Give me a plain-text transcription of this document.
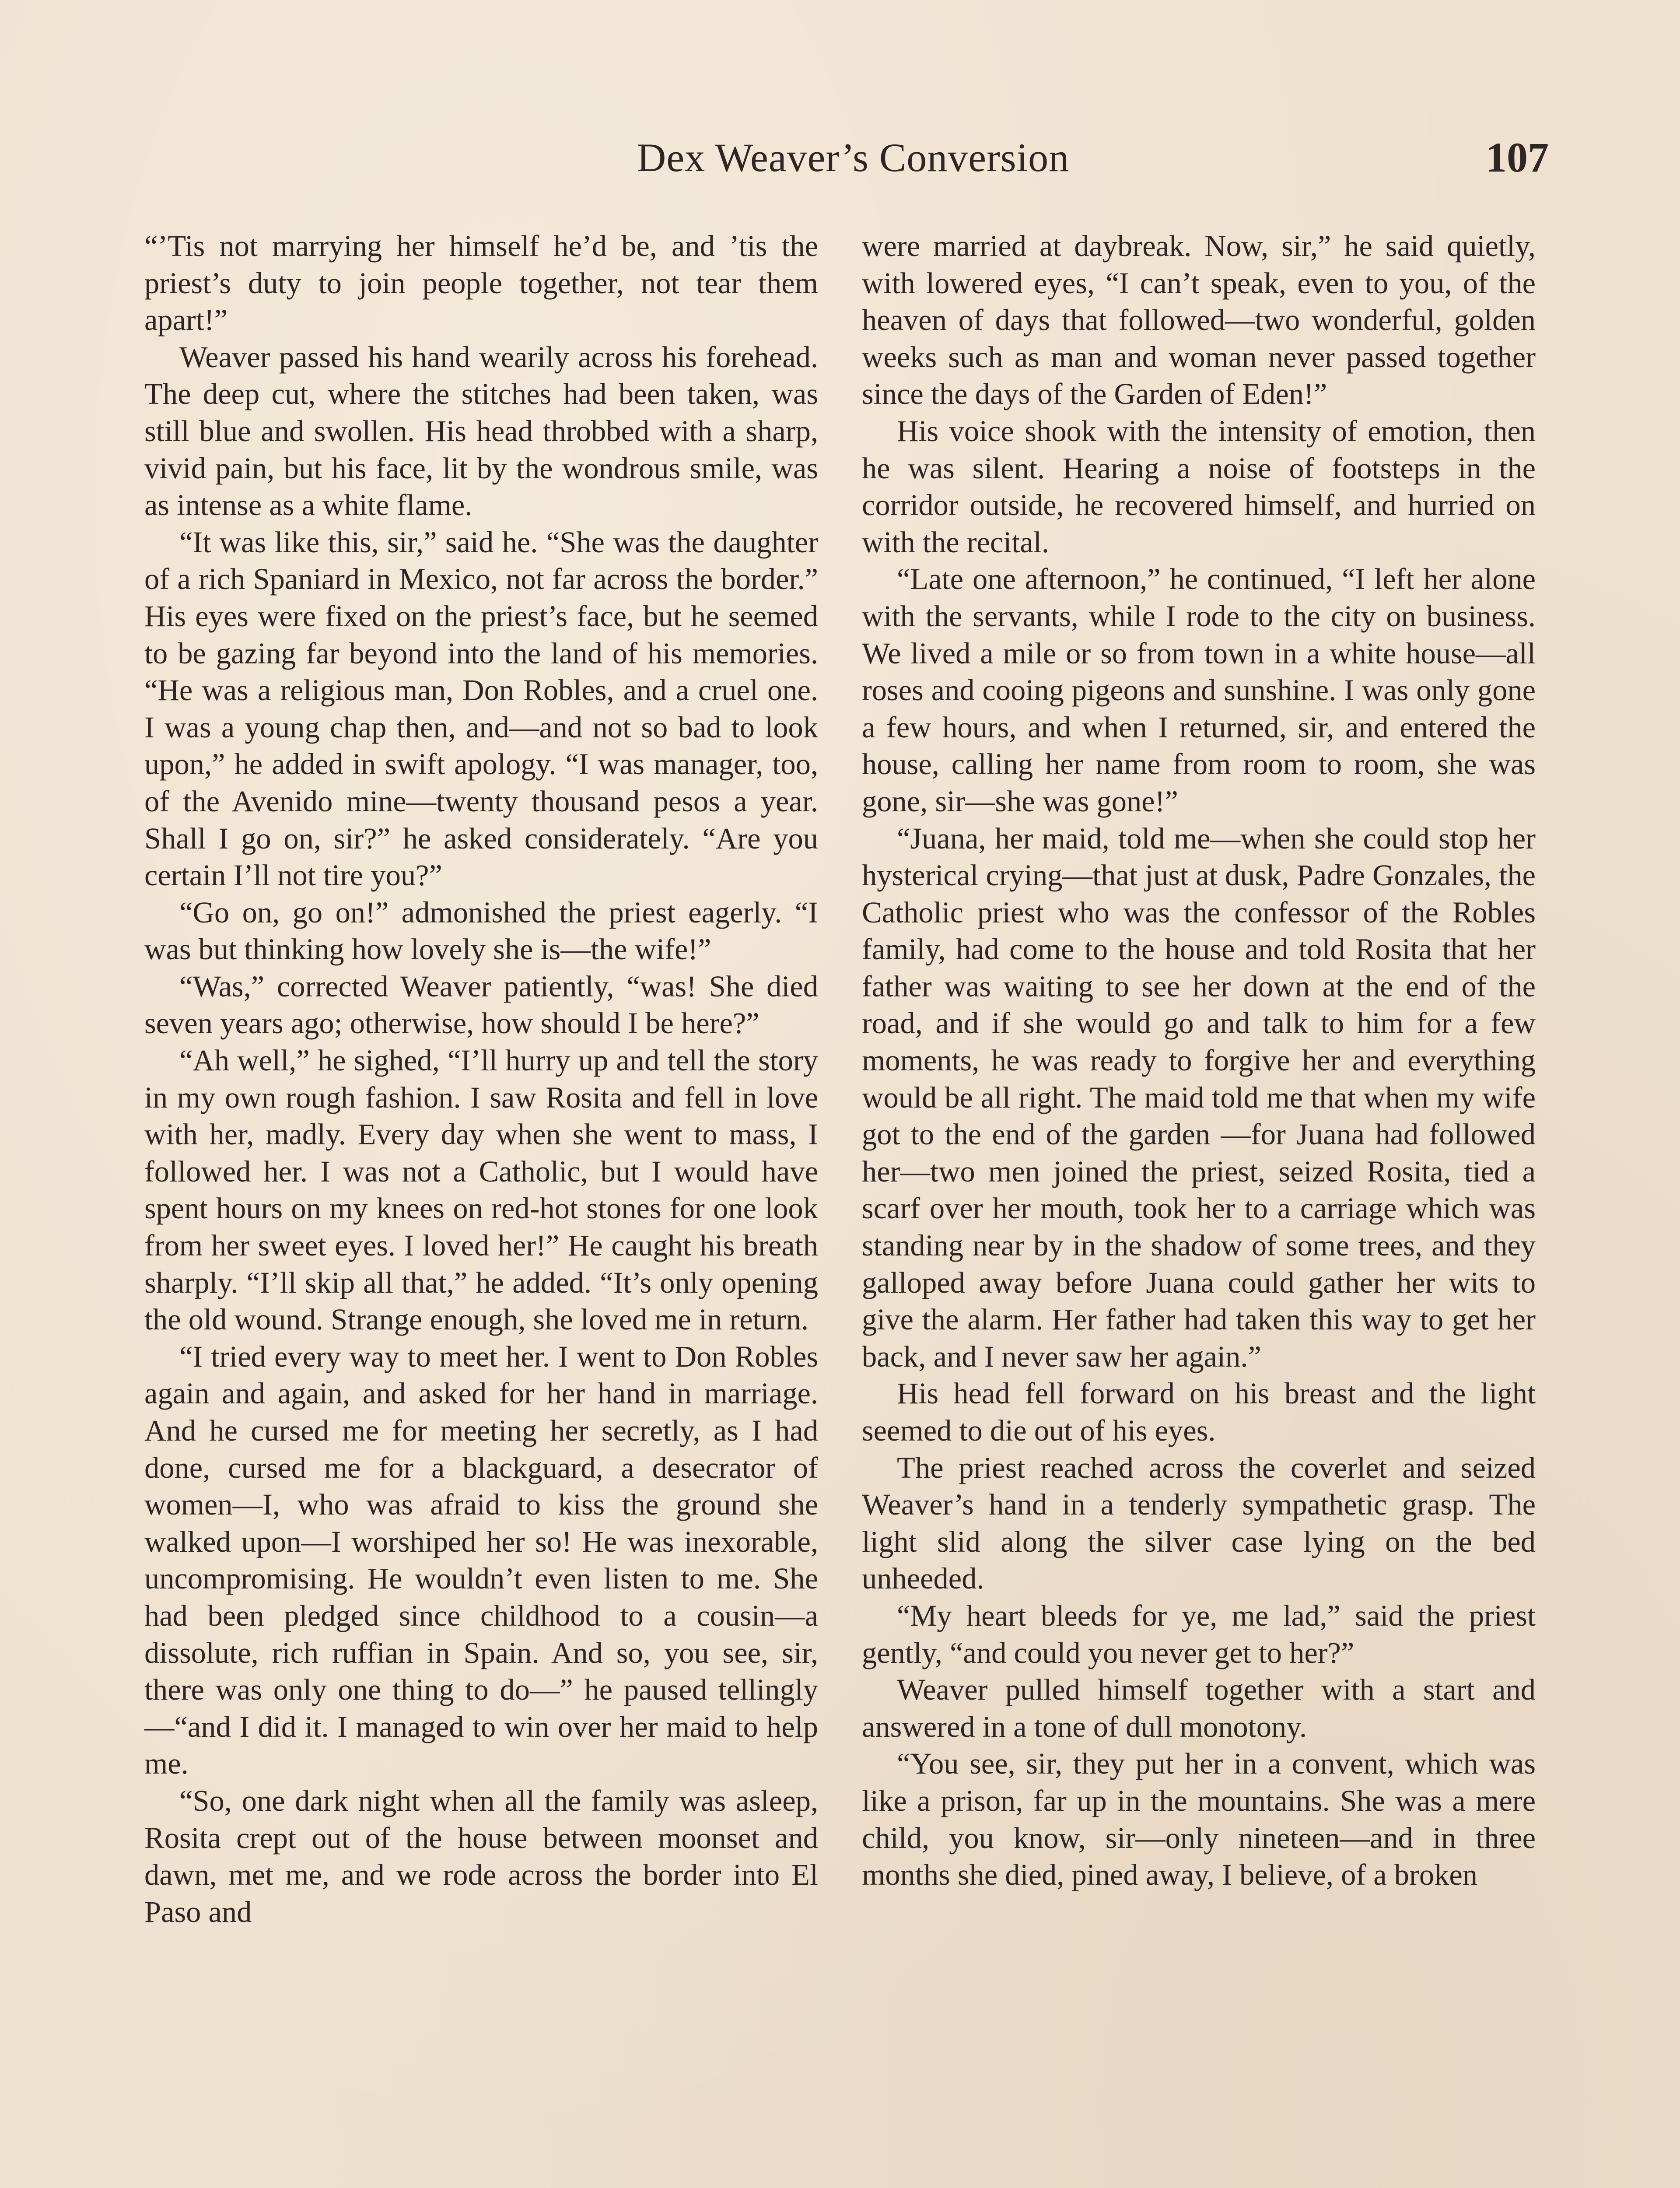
Dex Weaver’s Conversion	107

“’Tis not marrying her himself he’d be, and ’tis the priest’s duty to join people together, not tear them apart!”

Weaver passed his hand wearily across his forehead. The deep cut, where the stitches had been taken, was still blue and swollen. His head throbbed with a sharp, vivid pain, but his face, lit by the wondrous smile, was as intense as a white flame.

“It was like this, sir,” said he. “She was the daughter of a rich Spaniard in Mexico, not far across the border.” His eyes were fixed on the priest’s face, but he seemed to be gazing far beyond into the land of his memories. “He was a religious man, Don Robles, and a cruel one. I was a young chap then, and—and not so bad to look upon,” he added in swift apology. “I was manager, too, of the Avenido mine—twenty thousand pesos a year. Shall I go on, sir?” he asked considerately. “Are you certain I’ll not tire you?”

“Go on, go on!” admonished the priest eagerly. “I was but thinking how lovely she is—the wife!”

“Was,” corrected Weaver patiently, “was! She died seven years ago; otherwise, how should I be here?”

“Ah well,” he sighed, “I’ll hurry up and tell the story in my own rough fashion. I saw Rosita and fell in love with her, madly. Every day when she went to mass, I followed her. I was not a Catholic, but I would have spent hours on my knees on red-hot stones for one look from her sweet eyes. I loved her!” He caught his breath sharply. “I’ll skip all that,” he added. “It’s only opening the old wound. Strange enough, she loved me in return.

“I tried every way to meet her. I went to Don Robles again and again, and asked for her hand in marriage. And he cursed me for meeting her secretly, as I had done, cursed me for a blackguard, a desecrator of women—I, who was afraid to kiss the ground she walked upon—I worshiped her so! He was inexorable, uncompromising. He wouldn’t even listen to me. She had been pledged since childhood to a cousin—a dissolute, rich ruffian in Spain. And so, you see, sir, there was only one thing to do—” he paused tellingly—“and I did it. I managed to win over her maid to help me.

“So, one dark night when all the family was asleep, Rosita crept out of the house between moonset and dawn, met me, and we rode across the border into El Paso and

were married at daybreak. Now, sir,” he said quietly, with lowered eyes, “I can’t speak, even to you, of the heaven of days that followed—two wonderful, golden weeks such as man and woman never passed together since the days of the Garden of Eden!”

His voice shook with the intensity of emotion, then he was silent. Hearing a noise of footsteps in the corridor outside, he recovered himself, and hurried on with the recital.

“Late one afternoon,” he continued, “I left her alone with the servants, while I rode to the city on business. We lived a mile or so from town in a white house—all roses and cooing pigeons and sunshine. I was only gone a few hours, and when I returned, sir, and entered the house, calling her name from room to room, she was gone, sir—she was gone!”

“Juana, her maid, told me—when she could stop her hysterical crying—that just at dusk, Padre Gonzales, the Catholic priest who was the confessor of the Robles family, had come to the house and told Rosita that her father was waiting to see her down at the end of the road, and if she would go and talk to him for a few moments, he was ready to forgive her and everything would be all right. The maid told me that when my wife got to the end of the garden —for Juana had followed her—two men joined the priest, seized Rosita, tied a scarf over her mouth, took her to a carriage which was standing near by in the shadow of some trees, and they galloped away before Juana could gather her wits to give the alarm. Her father had taken this way to get her back, and I never saw her again.”

His head fell forward on his breast and the light seemed to die out of his eyes.

The priest reached across the coverlet and seized Weaver’s hand in a tenderly sympathetic grasp. The light slid along the silver case lying on the bed unheeded.

“My heart bleeds for ye, me lad,” said the priest gently, “and could you never get to her?”

Weaver pulled himself together with a start and answered in a tone of dull monotony.

“You see, sir, they put her in a convent, which was like a prison, far up in the mountains. She was a mere child, you know, sir—only nineteen—and in three months she died, pined away, I believe, of a broken
